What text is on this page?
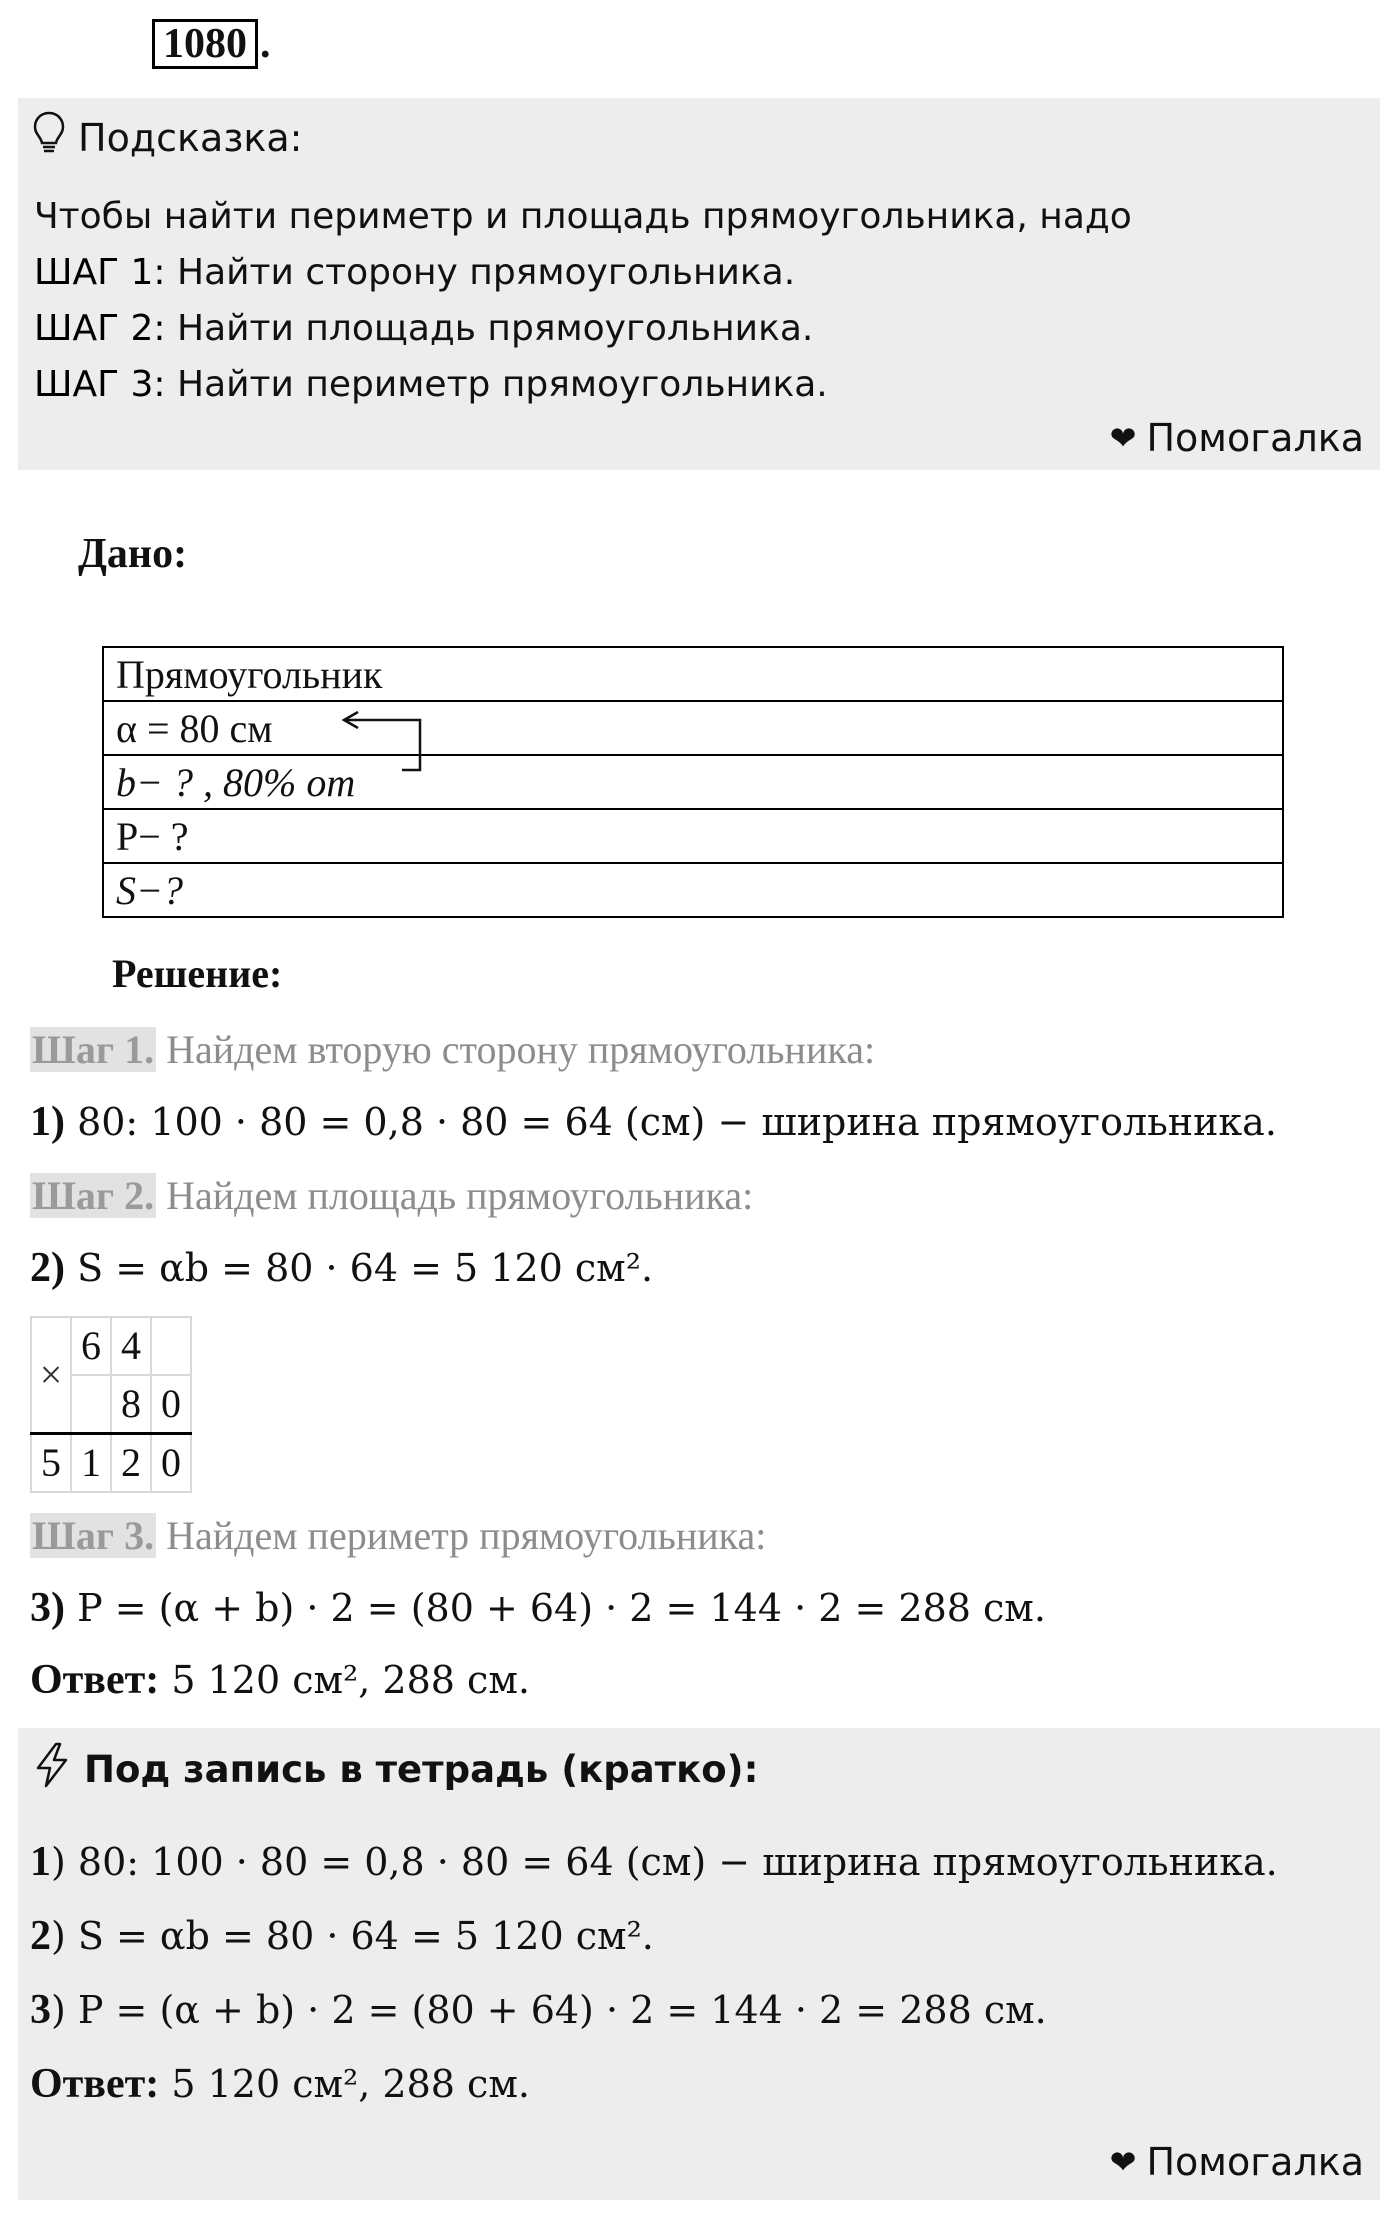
1080 .
Подсказка:
Чтобы найти периметр и площадь прямоугольника, надо
ШАГ 1: Найти сторону прямоугольника.
ШАГ 2: Найти площадь прямоугольника.
ШАГ 3: Найти периметр прямоугольника.
❤ Помогалка
Дано:
Прямоугольник
α = 80 см
b− ? , 80% от
P− ?
S−?
Решение:
Шаг 1. Найдем вторую сторону прямоугольника:
1) 80: 100 · 80 = 0,8 · 80 = 64 (см) − ширина прямоугольника.
Шаг 2. Найдем площадь прямоугольника:
2) S = αb = 80 · 64 = 5 120 см².
×	6	4	
		8	0
5	1	2	0
Шаг 3. Найдем периметр прямоугольника:
3) P = (α + b) · 2 = (80 + 64) · 2 = 144 · 2 = 288 см.
Ответ: 5 120 см², 288 см.
Под запись в тетрадь (кратко):
1) 80: 100 · 80 = 0,8 · 80 = 64 (см) − ширина прямоугольника.
2) S = αb = 80 · 64 = 5 120 см².
3) P = (α + b) · 2 = (80 + 64) · 2 = 144 · 2 = 288 см.
Ответ: 5 120 см², 288 см.
❤ Помогалка
